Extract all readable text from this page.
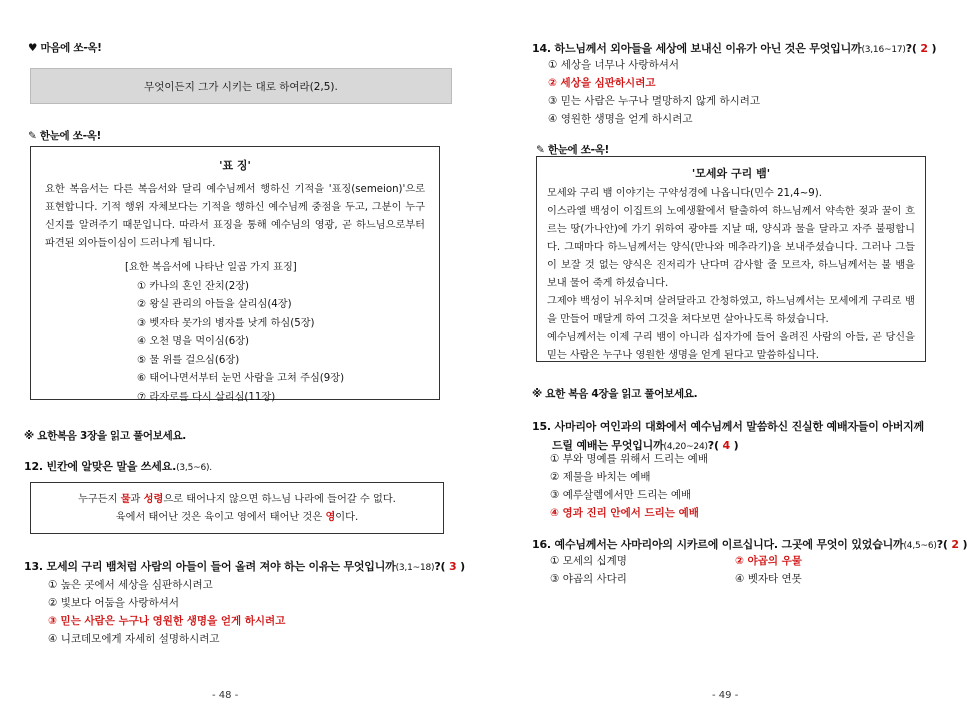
♥ 마음에 쏘-옥!
무엇이든지 그가 시키는 대로 하여라(2,5).
✎ 한눈에 쏘-옥!
'표 징'

요한 복음서는 다른 복음서와 달리 예수님께서 행하신 기적을 '표징(semeion)'으로 표현합니다. 기적 행위 자체보다는 기적을 행하신 예수님께 중점을 두고, 그분이 누구신지를 알려주기 때문입니다. 따라서 표징을 통해 예수님의 영광, 곧 하느님으로부터 파견된 외아들이심이 드러나게 됩니다.

[요한 복음서에 나타난 일곱 가지 표징]
① 카나의 혼인 잔치(2장)
② 왕실 관리의 아들을 살리심(4장)
③ 벳자타 못가의 병자를 낫게 하심(5장)
④ 오천 명을 먹이심(6장)
⑤ 물 위를 걸으심(6장)
⑥ 태어나면서부터 눈먼 사람을 고쳐 주심(9장)
⑦ 라자로를 다시 살리심(11장)
※ 요한복음 3장을 읽고 풀어보세요.
12. 빈칸에 알맞은 말을 쓰세요.(3,5~6).
누구든지 물과 성령으로 태어나지 않으면 하느님 나라에 들어갈 수 없다.
육에서 태어난 것은 육이고 영에서 태어난 것은 영이다.
13. 모세의 구리 뱀처럼 사람의 아들이 들어 올려 져야 하는 이유는 무엇입니까(3,1~18)?( 3 )
① 높은 곳에서 세상을 심판하시려고
② 빛보다 어둠을 사랑하셔서
③ 믿는 사람은 누구나 영원한 생명을 얻게 하시려고
④ 니코데모에게 자세히 설명하시려고
- 48 -
14. 하느님께서 외아들을 세상에 보내신 이유가 아닌 것은 무엇입니까(3,16~17)?( 2 )
① 세상을 너무나 사랑하셔서
② 세상을 심판하시려고
③ 믿는 사람은 누구나 멸망하지 않게 하시려고
④ 영원한 생명을 얻게 하시려고
✎ 한눈에 쏘-옥!
'모세와 구리 뱀'

모세와 구리 뱀 이야기는 구약성경에 나옵니다(민수 21,4~9).

이스라엘 백성이 이집트의 노예생활에서 탈출하여 하느님께서 약속한 젖과 꿀이 흐르는 땅(가나안)에 가기 위하여 광야를 지날 때, 양식과 물을 달라고 자주 불평합니다. 그때마다 하느님께서는 양식(만나와 메추라기)을 보내주셨습니다. 그러나 그들이 보잘 것 없는 양식은 진저리가 난다며 감사할 줄 모르자, 하느님께서는 불 뱀을 보내 물어 죽게 하셨습니다.

그제야 백성이 뉘우치며 살려달라고 간청하였고, 하느님께서는 모세에게 구리로 뱀을 만들어 매달게 하여 그것을 쳐다보면 살아나도록 하셨습니다.

예수님께서는 이제 구리 뱀이 아니라 십자가에 들어 올려진 사람의 아들, 곧 당신을 믿는 사람은 누구나 영원한 생명을 얻게 된다고 말씀하십니다.

※ 요한 복음 4장을 읽고 풀어보세요.
15. 사마리아 여인과의 대화에서 예수님께서 말씀하신 진실한 예배자들이 아버지께
드릴 예배는 무엇입니까(4,20~24)?( 4 )
① 부와 명예를 위해서 드리는 예배
② 제물을 바치는 예배
③ 예루살렘에서만 드리는 예배
④ 영과 진리 안에서 드리는 예배
16. 예수님께서는 사마리아의 시카르에 이르십니다. 그곳에 무엇이 있었습니까(4,5~6)?( 2 )
① 모세의 십계명	② 야곱의 우물
③ 야곱의 사다리	④ 벳자타 연못
- 49 -
